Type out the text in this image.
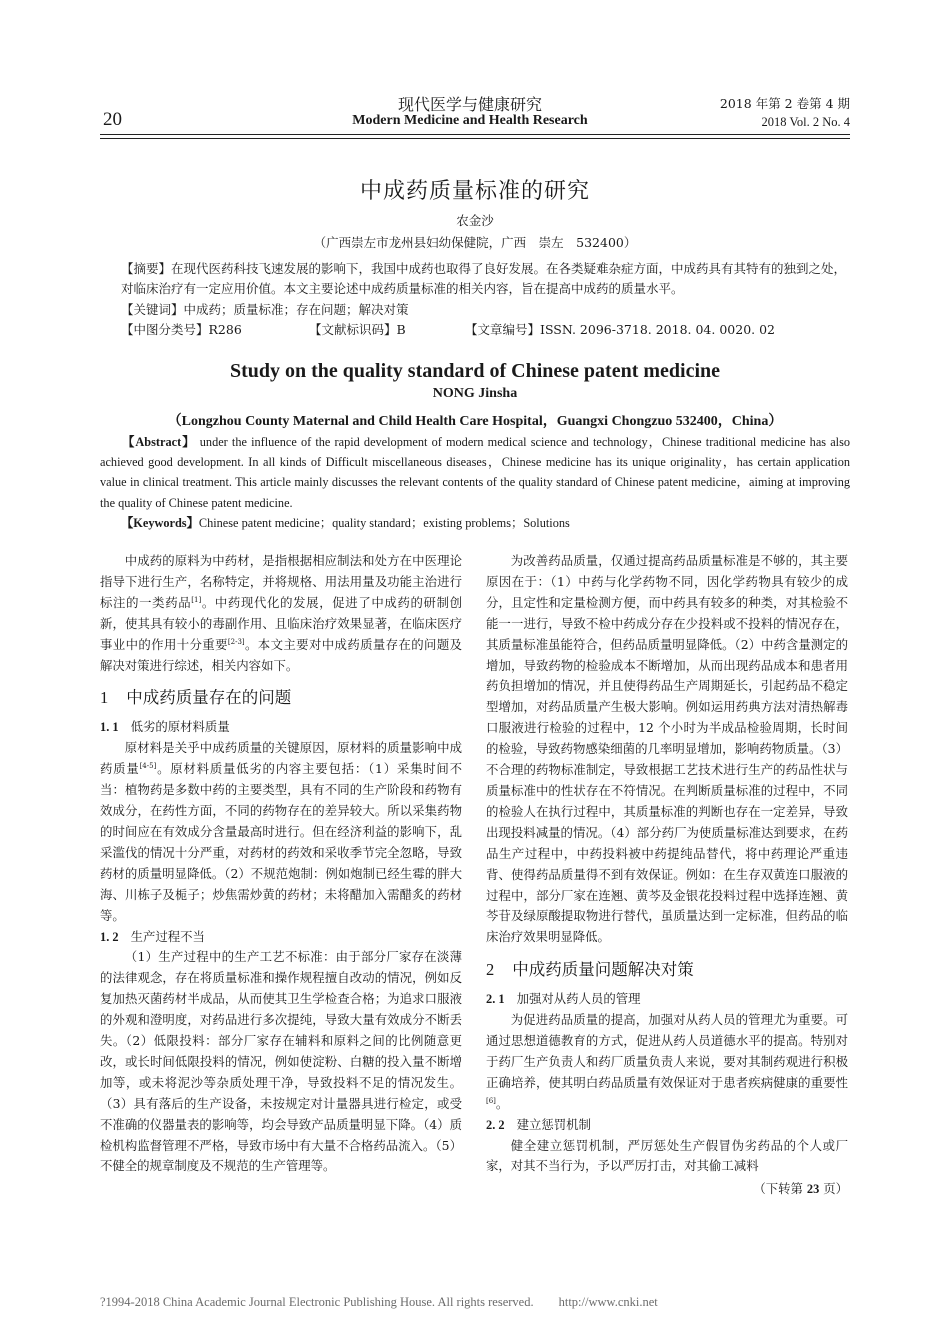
20
现代医学与健康研究
Modern Medicine and Health Research
2018 年第 2 卷第 4 期
2018 Vol. 2 No. 4
中成药质量标准的研究
农金沙
（广西崇左市龙州县妇幼保健院，广西　崇左　532400）
【摘要】在现代医药科技飞速发展的影响下，我国中成药也取得了良好发展。在各类疑难杂症方面，中成药具有其特有的独到之处，对临床治疗有一定应用价值。本文主要论述中成药质量标准的相关内容，旨在提高中成药的质量水平。
【关键词】中成药；质量标准；存在问题；解决对策
【中图分类号】R286	【文献标识码】B	【文章编号】ISSN. 2096-3718. 2018. 04. 0020. 02
Study on the quality standard of Chinese patent medicine
NONG Jinsha
（Longzhou County Maternal and Child Health Care Hospital，Guangxi Chongzuo 532400，China）
【Abstract】 under the influence of the rapid development of modern medical science and technology，Chinese traditional medicine has also achieved good development. In all kinds of Difficult miscellaneous diseases，Chinese medicine has its unique originality，has certain application value in clinical treatment. This article mainly discusses the relevant contents of the quality standard of Chinese patent medicine，aiming at improving the quality of Chinese patent medicine.
【Keywords】Chinese patent medicine；quality standard；existing problems；Solutions

中成药的原料为中药材，是指根据相应制法和处方在中医理论指导下进行生产，名称特定，并将规格、用法用量及功能主治进行标注的一类药品[1]。中药现代化的发展，促进了中成药的研制创新，使其具有较小的毒副作用、且临床治疗效果显著，在临床医疗事业中的作用十分重要[2-3]。本文主要对中成药质量存在的问题及解决对策进行综述，相关内容如下。

1 中成药质量存在的问题
1. 1 低劣的原材料质量

原材料是关乎中成药质量的关键原因，原材料的质量影响中成药质量[4-5]。原材料质量低劣的内容主要包括：（1）采集时间不当：植物药是多数中药的主要类型，具有不同的生产阶段和药物有效成分，在药性方面，不同的药物存在的差异较大。所以采集药物的时间应在有效成分含量最高时进行。但在经济利益的影响下，乱采滥伐的情况十分严重，对药材的药效和采收季节完全忽略，导致药材的质量明显降低。（2）不规范炮制：例如炮制已经生霉的胖大海、川栋子及栀子；炒焦需炒黄的药材；未将醋加入需醋炙的药材等。

1. 2 生产过程不当

（1）生产过程中的生产工艺不标准：由于部分厂家存在淡薄的法律观念，存在将质量标准和操作规程擅自改动的情况，例如反复加热灭菌药材半成品，从而使其卫生学检查合格；为追求口服液的外观和澄明度，对药品进行多次提纯，导致大量有效成分不断丢失。（2）低限投料：部分厂家存在辅料和原料之间的比例随意更改，或长时间低限投料的情况，例如使淀粉、白糖的投入量不断增加等，或未将泥沙等杂质处理干净，导致投料不足的情况发生。（3）具有落后的生产设备，未按规定对计量器具进行检定，或受不准确的仪器量表的影响等，均会导致产品质量明显下降。（4）质检机构监督管理不严格，导致市场中有大量不合格药品流入。（5）不健全的规章制度及不规范的生产管理等。

为改善药品质量，仅通过提高药品质量标准是不够的，其主要原因在于：（1）中药与化学药物不同，因化学药物具有较少的成分，且定性和定量检测方便，而中药具有较多的种类，对其检验不能一一进行，导致不检中药成分存在少投料或不投料的情况存在，其质量标准虽能符合，但药品质量明显降低。（2）中药含量测定的增加，导致药物的检验成本不断增加，从而出现药品成本和患者用药负担增加的情况，并且使得药品生产周期延长，引起药品不稳定型增加，对药品质量产生极大影响。例如运用药典方法对清热解毒口服液进行检验的过程中，12 个小时为半成品检验周期，长时间的检验，导致药物感染细菌的几率明显增加，影响药物质量。（3）不合理的药物标准制定，导致根据工艺技术进行生产的药品性状与质量标准中的性状存在不符情况。在判断质量标准的过程中，不同的检验人在执行过程中，其质量标准的判断也存在一定差异，导致出现投料减量的情况。（4）部分药厂为使质量标准达到要求，在药品生产过程中，中药投料被中药提纯品替代，将中药理论严重违背、使得药品质量得不到有效保证。例如：在生存双黄连口服液的过程中，部分厂家在连翘、黄芩及金银花投料过程中选择连翘、黄芩苷及绿原酸提取物进行替代，虽质量达到一定标准，但药品的临床治疗效果明显降低。

2 中成药质量问题解决对策
2. 1 加强对从药人员的管理

为促进药品质量的提高，加强对从药人员的管理尤为重要。可通过思想道德教育的方式，促进从药人员道德水平的提高。特别对于药厂生产负责人和药厂质量负责人来说，要对其制药观进行积极正确培养，使其明白药品质量有效保证对于患者疾病健康的重要性[6]。

2. 2 建立惩罚机制

健全建立惩罚机制，严厉惩处生产假冒伪劣药品的个人或厂家，对其不当行为，予以严厉打击，对其偷工减料

（下转第 23 页）

?1994-2018 China Academic Journal Electronic Publishing House. All rights reserved.　　http://www.cnki.net
